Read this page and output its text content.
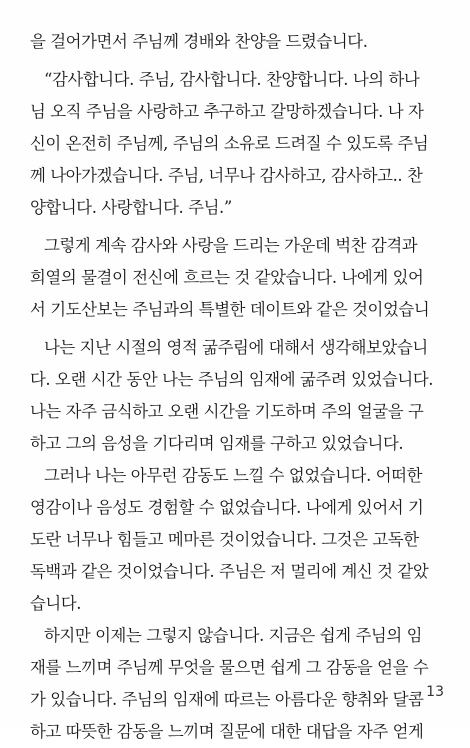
을 걸어가면서 주님께 경배와 찬양을 드렸습니다.
“감사합니다. 주님, 감사합니다. 찬양합니다. 나의 하나
님 오직 주님을 사랑하고 추구하고 갈망하겠습니다. 나 자
신이 온전히 주님께, 주님의 소유로 드려질 수 있도록 주님
께 나아가겠습니다. 주님, 너무나 감사하고, 감사하고.. 찬
양합니다. 사랑합니다. 주님.”
그렇게 계속 감사와 사랑을 드리는 가운데 벅찬 감격과
희열의 물결이 전신에 흐르는 것 같았습니다. 나에게 있어
서 기도산보는 주님과의 특별한 데이트와 같은 것이었습니
나는 지난 시절의 영적 굶주림에 대해서 생각해보았습니
다. 오랜 시간 동안 나는 주님의 임재에 굶주려 있었습니다.
나는 자주 금식하고 오랜 시간을 기도하며 주의 얼굴을 구
하고 그의 음성을 기다리며 임재를 구하고 있었습니다.
그러나 나는 아무런 감동도 느낄 수 없었습니다. 어떠한
영감이나 음성도 경험할 수 없었습니다. 나에게 있어서 기
도란 너무나 힘들고 메마른 것이었습니다. 그것은 고독한
독백과 같은 것이었습니다. 주님은 저 멀리에 계신 것 같았
습니다.
하지만 이제는 그렇지 않습니다. 지금은 쉽게 주님의 임
재를 느끼며 주님께 무엇을 물으면 쉽게 그 감동을 얻을 수
가 있습니다. 주님의 임재에 따르는 아름다운 향취와 달콤
하고 따뜻한 감동을 느끼며 질문에 대한 대답을 자주 얻게
13
